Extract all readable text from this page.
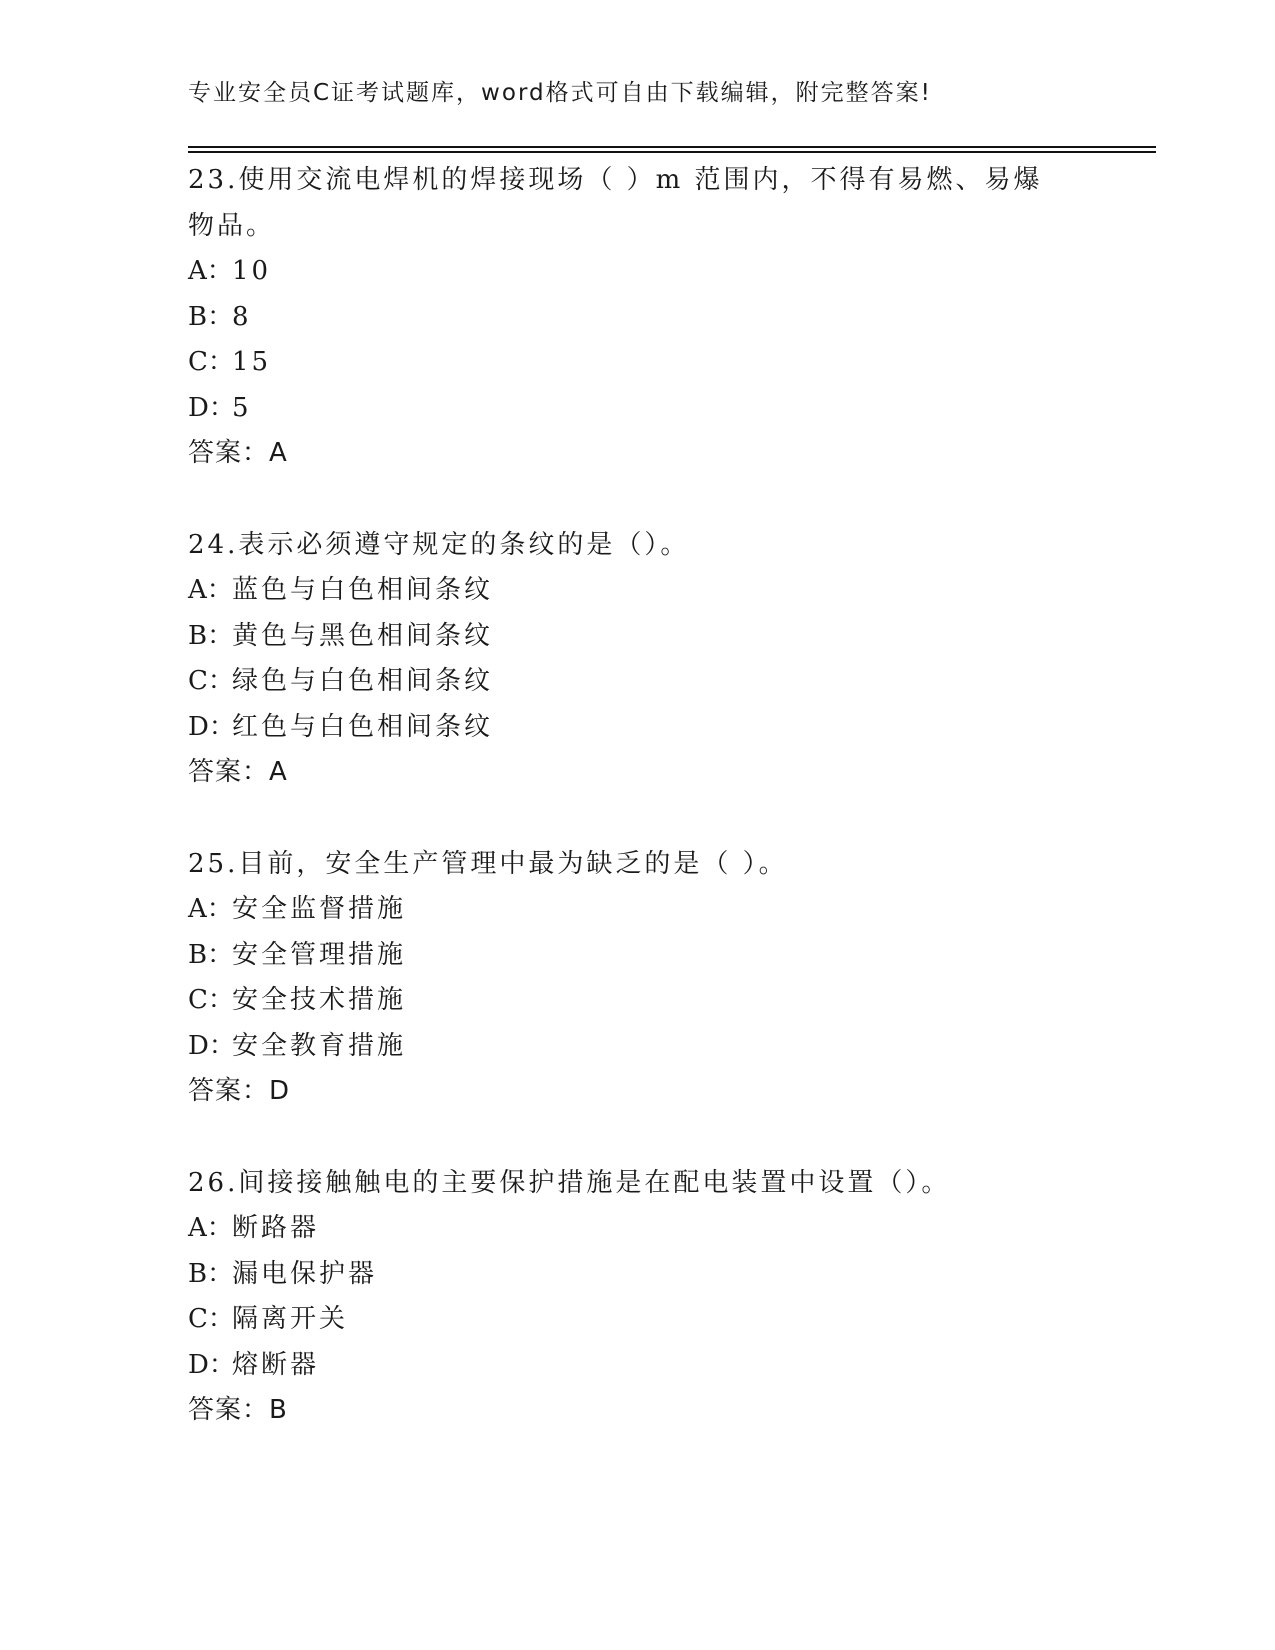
专业安全员C证考试题库，word格式可自由下载编辑，附完整答案!
23.使用交流电焊机的焊接现场（ ）m 范围内，不得有易燃、易爆
物品。
A：10
B：8
C：15
D：5
答案：A
24.表示必须遵守规定的条纹的是（）。
A：蓝色与白色相间条纹
B：黄色与黑色相间条纹
C：绿色与白色相间条纹
D：红色与白色相间条纹
答案：A
25.目前，安全生产管理中最为缺乏的是（ ）。
A：安全监督措施
B：安全管理措施
C：安全技术措施
D：安全教育措施
答案：D
26.间接接触触电的主要保护措施是在配电装置中设置（）。
A：断路器
B：漏电保护器
C：隔离开关
D：熔断器
答案：B
